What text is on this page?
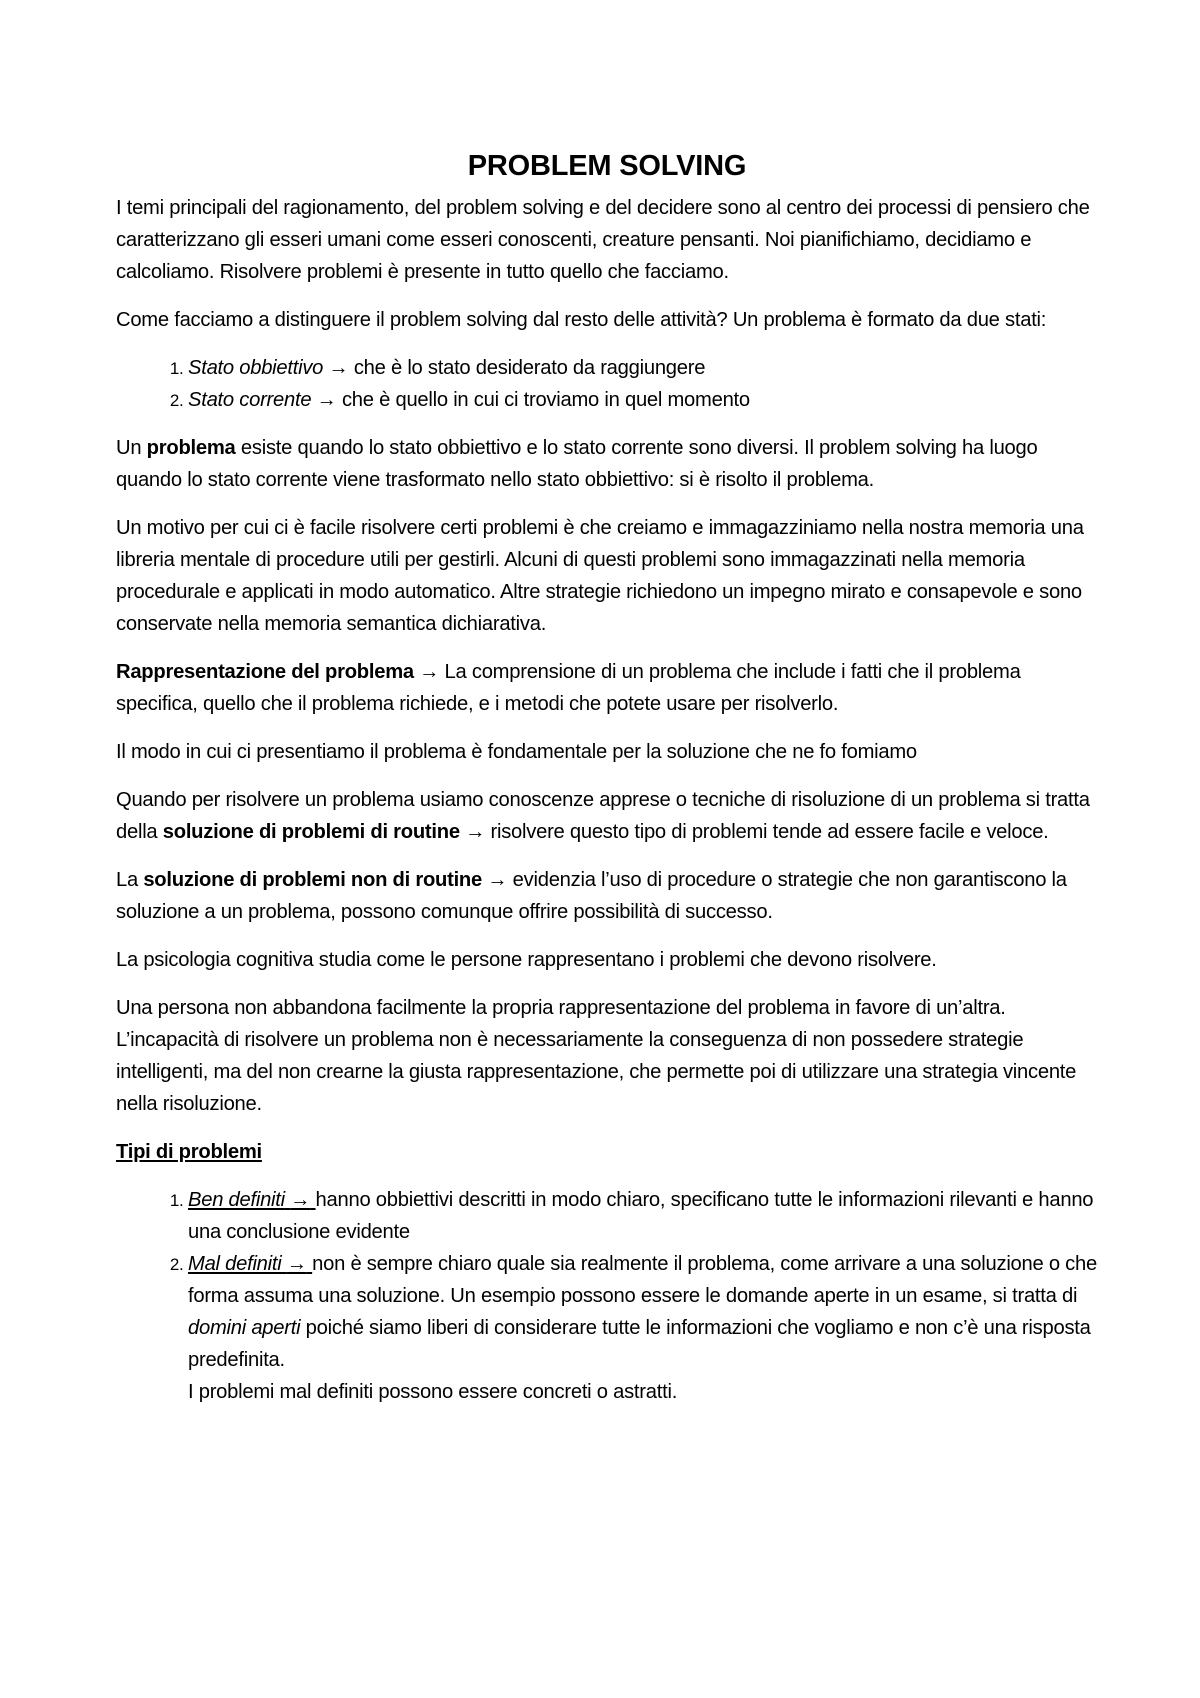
PROBLEM SOLVING

I temi principali del ragionamento, del problem solving e del decidere sono al centro dei processi di pensiero che caratterizzano gli esseri umani come esseri conoscenti, creature pensanti. Noi pianifichiamo, decidiamo e calcoliamo. Risolvere problemi è presente in tutto quello che facciamo.

Come facciamo a distinguere il problem solving dal resto delle attività? Un problema è formato da due stati:

1. Stato obbiettivo → che è lo stato desiderato da raggiungere
2. Stato corrente → che è quello in cui ci troviamo in quel momento

Un problema esiste quando lo stato obbiettivo e lo stato corrente sono diversi. Il problem solving ha luogo quando lo stato corrente viene trasformato nello stato obbiettivo: si è risolto il problema.

Un motivo per cui ci è facile risolvere certi problemi è che creiamo e immagazziniamo nella nostra memoria una libreria mentale di procedure utili per gestirli. Alcuni di questi problemi sono immagazzinati nella memoria procedurale e applicati in modo automatico. Altre strategie richiedono un impegno mirato e consapevole e sono conservate nella memoria semantica dichiarativa.

Rappresentazione del problema → La comprensione di un problema che include i fatti che il problema specifica, quello che il problema richiede, e i metodi che potete usare per risolverlo.

Il modo in cui ci presentiamo il problema è fondamentale per la soluzione che ne fo fomiamo

Quando per risolvere un problema usiamo conoscenze apprese o tecniche di risoluzione di un problema si tratta della soluzione di problemi di routine → risolvere questo tipo di problemi tende ad essere facile e veloce.

La soluzione di problemi non di routine → evidenzia l’uso di procedure o strategie che non garantiscono la soluzione a un problema, possono comunque offrire possibilità di successo.

La psicologia cognitiva studia come le persone rappresentano i problemi che devono risolvere.

Una persona non abbandona facilmente la propria rappresentazione del problema in favore di un’altra. L’incapacità di risolvere un problema non è necessariamente la conseguenza di non possedere strategie intelligenti, ma del non crearne la giusta rappresentazione, che permette poi di utilizzare una strategia vincente nella risoluzione.

Tipi di problemi

1. Ben definiti → hanno obbiettivi descritti in modo chiaro, specificano tutte le informazioni rilevanti e hanno una conclusione evidente
2. Mal definiti → non è sempre chiaro quale sia realmente il problema, come arrivare a una soluzione o che forma assuma una soluzione. Un esempio possono essere le domande aperte in un esame, si tratta di domini aperti poiché siamo liberi di considerare tutte le informazioni che vogliamo e non c’è una risposta predefinita.
I problemi mal definiti possono essere concreti o astratti.
